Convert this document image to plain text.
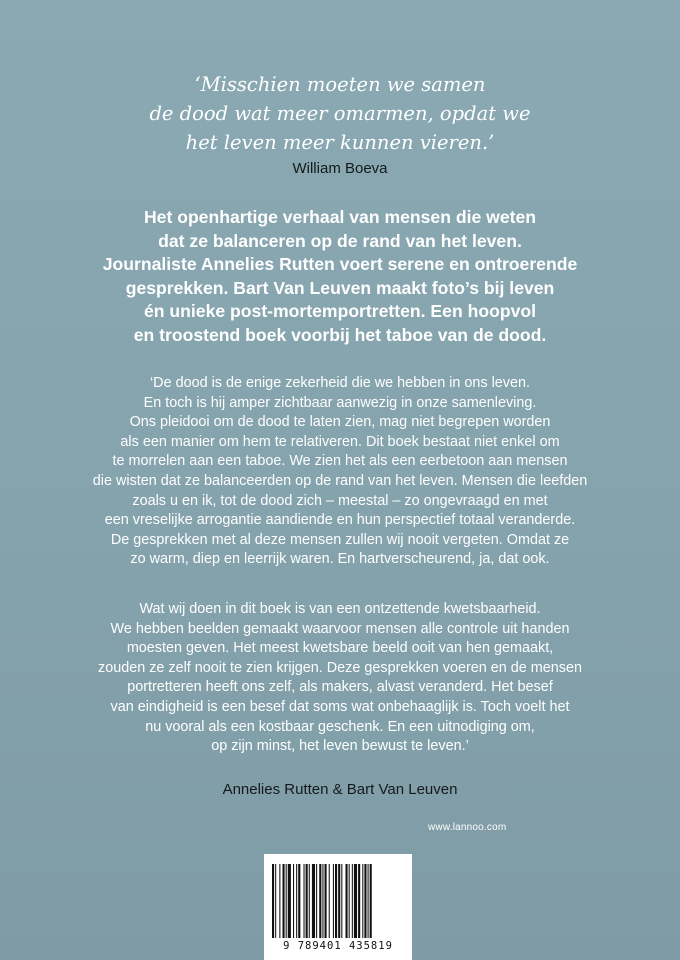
‘Misschien moeten we samen
de dood wat meer omarmen, opdat we
het leven meer kunnen vieren.’
William Boeva
Het openhartige verhaal van mensen die weten
dat ze balanceren op de rand van het leven.
Journaliste Annelies Rutten voert serene en ontroerende
gesprekken. Bart Van Leuven maakt foto’s bij leven
én unieke post-mortemportretten. Een hoopvol
en troostend boek voorbij het taboe van de dood.
‘De dood is de enige zekerheid die we hebben in ons leven.
En toch is hij amper zichtbaar aanwezig in onze samenleving.
Ons pleidooi om de dood te laten zien, mag niet begrepen worden
als een manier om hem te relativeren. Dit boek bestaat niet enkel om
te morrelen aan een taboe. We zien het als een eerbetoon aan mensen
die wisten dat ze balanceerden op de rand van het leven. Mensen die leefden
zoals u en ik, tot de dood zich – meestal – zo ongevraagd en met
een vreselijke arrogantie aandiende en hun perspectief totaal veranderde.
De gesprekken met al deze mensen zullen wij nooit vergeten. Omdat ze
zo warm, diep en leerrijk waren. En hartverscheurend, ja, dat ook.
Wat wij doen in dit boek is van een ontzettende kwetsbaarheid.
We hebben beelden gemaakt waarvoor mensen alle controle uit handen
moesten geven. Het meest kwetsbare beeld ooit van hen gemaakt,
zouden ze zelf nooit te zien krijgen. Deze gesprekken voeren en de mensen
portretteren heeft ons zelf, als makers, alvast veranderd. Het besef
van eindigheid is een besef dat soms wat onbehaaglijk is. Toch voelt het
nu vooral als een kostbaar geschenk. En een uitnodiging om,
op zijn minst, het leven bewust te leven.’
Annelies Rutten & Bart Van Leuven
www.lannoo.com
9 789401 435819
